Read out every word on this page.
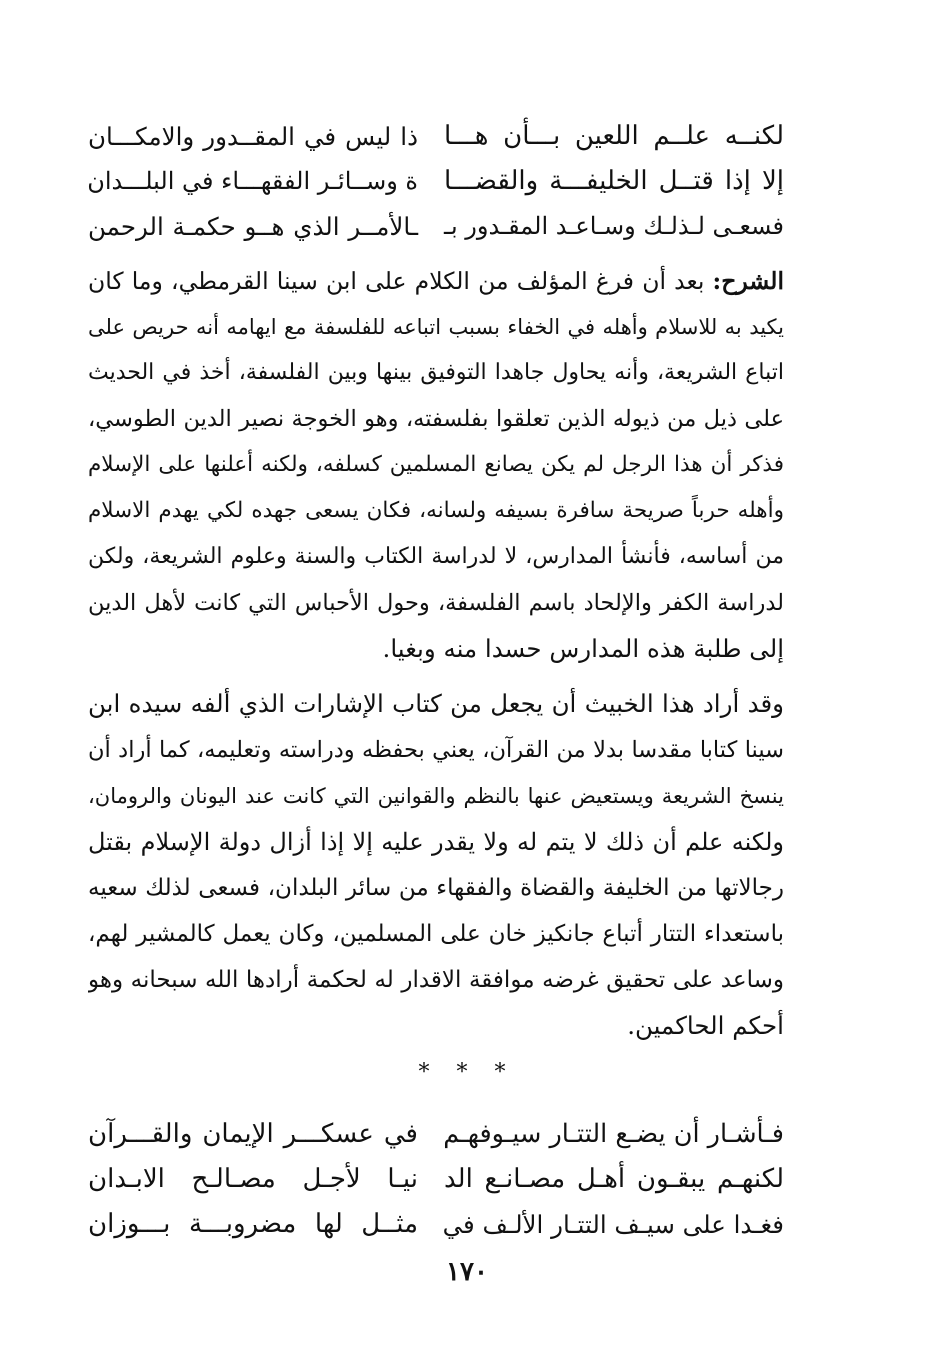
لكنــه علــم اللعين بـــأن هـــا
ذا ليس في المقــدور والامكـــان
إلا إذا قتــل الخليفـــة والقضـــا
ة وســائـر الفقهـــاء في البلـــدان
فسعـى لـذلـك وسـاعـد المقـدور بـ
ـالأمــر الذي هــو حكمـة الرحمن
الشرح: بعد أن فرغ المؤلف من الكلام على ابن سينا القرمطي، وما كان
يكيد به للاسلام وأهله في الخفاء بسبب اتباعه للفلسفة مع ايهامه أنه حريص على
اتباع الشريعة، وأنه يحاول جاهدا التوفيق بينها وبين الفلسفة، أخذ في الحديث
على ذيل من ذيوله الذين تعلقوا بفلسفته، وهو الخوجة نصير الدين الطوسي،
فذكر أن هذا الرجل لم يكن يصانع المسلمين كسلفه، ولكنه أعلنها على الإسلام
وأهله حرباً صريحة سافرة بسيفه ولسانه، فكان يسعى جهده لكي يهدم الاسلام
من أساسه، فأنشأ المدارس، لا لدراسة الكتاب والسنة وعلوم الشريعة، ولكن
لدراسة الكفر والإلحاد باسم الفلسفة، وحول الأحباس التي كانت لأهل الدين
إلى طلبة هذه المدارس حسدا منه وبغيا.
وقد أراد هذا الخبيث أن يجعل من كتاب الإشارات الذي ألفه سيده ابن
سينا كتابا مقدسا بدلا من القرآن، يعني بحفظه ودراسته وتعليمه، كما أراد أن
ينسخ الشريعة ويستعيض عنها بالنظم والقوانين التي كانت عند اليونان والرومان،
ولكنه علم أن ذلك لا يتم له ولا يقدر عليه إلا إذا أزال دولة الإسلام بقتل
رجالاتها من الخليفة والقضاة والفقهاء من سائر البلدان، فسعى لذلك سعيه
باستعداء التتار أتباع جانكيز خان على المسلمين، وكان يعمل كالمشير لهم،
وساعد على تحقيق غرضه موافقة الاقدار له لحكمة أرادها الله سبحانه وهو
أحكم الحاكمين.
* * *
فـأشـار أن يضـع التتـار سيـوفهـم
في عسكـــر الإيمان والقـــرآن
لكنهـم يبقـون أهـل مصـانـع الد
نيـا لأجـل مصـالـح الابـدان
فغـدا على سيـف التتـار الألـف في
مثــل لها مضروبـــة بـــوزان
١٧٠
